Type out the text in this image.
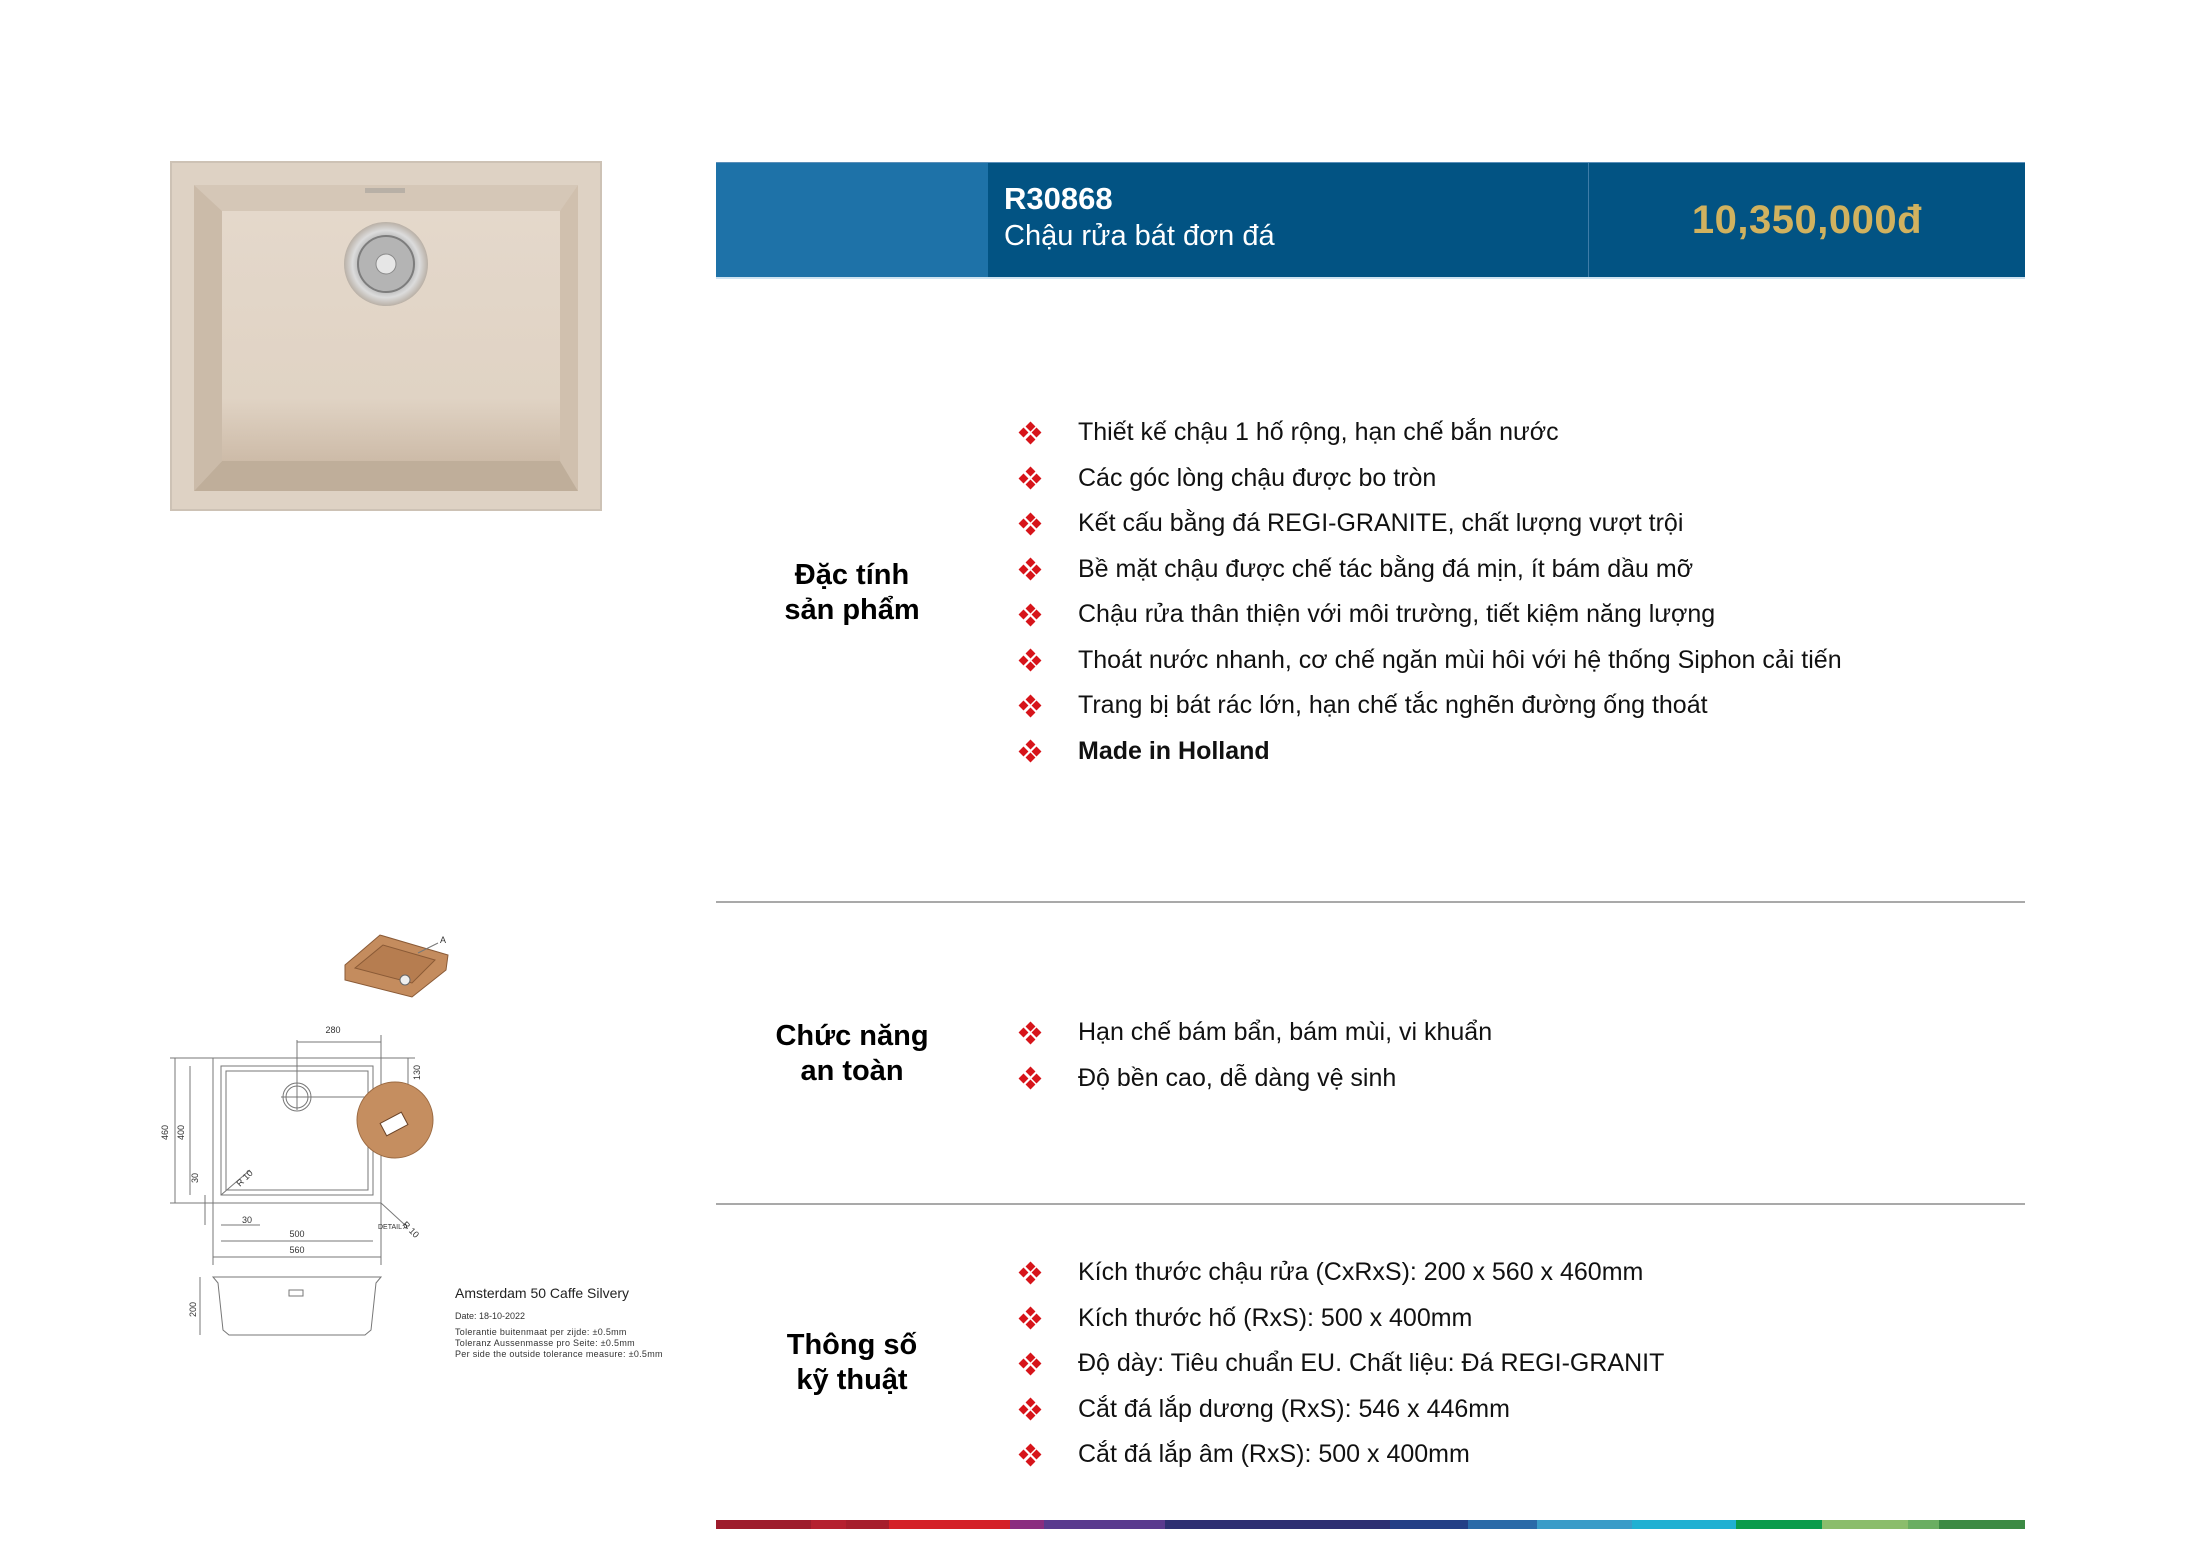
R30868
Chậu rửa bát đơn đá	10,350,000đ
Đặc tính
sản phẩm
Thiết kế chậu 1 hố rộng, hạn chế bắn nước
Các góc lòng chậu được bo tròn
Kết cấu bằng đá REGI-GRANITE, chất lượng vượt trội
Bề mặt chậu được chế tác bằng đá mịn, ít bám dầu mỡ
Chậu rửa thân thiện với môi trường, tiết kiệm năng lượng
Thoát nước nhanh, cơ chế ngăn mùi hôi với hệ thống Siphon cải tiến
Trang bị bát rác lớn, hạn chế tắc nghẽn đường ống thoát
Made in Holland
Chức năng
an toàn
Hạn chế bám bẩn, bám mùi, vi khuẩn
Độ bền cao, dễ dàng vệ sinh
Thông số
kỹ thuật
Kích thước chậu rửa (CxRxS): 200 x 560 x 460mm
Kích thước hố (RxS): 500 x 400mm
Độ dày: Tiêu chuẩn EU. Chất liệu: Đá REGI-GRANIT
Cắt đá lắp dương (RxS): 546 x 446mm
Cắt đá lắp âm (RxS): 500 x 400mm
280
130
460 400
30
30
R 10
R 10
500
560
200
A
DETAIL A
Amsterdam 50 Caffe Silvery
Date: 18-10-2022
Tolerantie buitenmaat per zijde: ±0.5mm
Toleranz Aussenmasse pro Seite: ±0.5mm
Per side the outside tolerance measure: ±0.5mm
